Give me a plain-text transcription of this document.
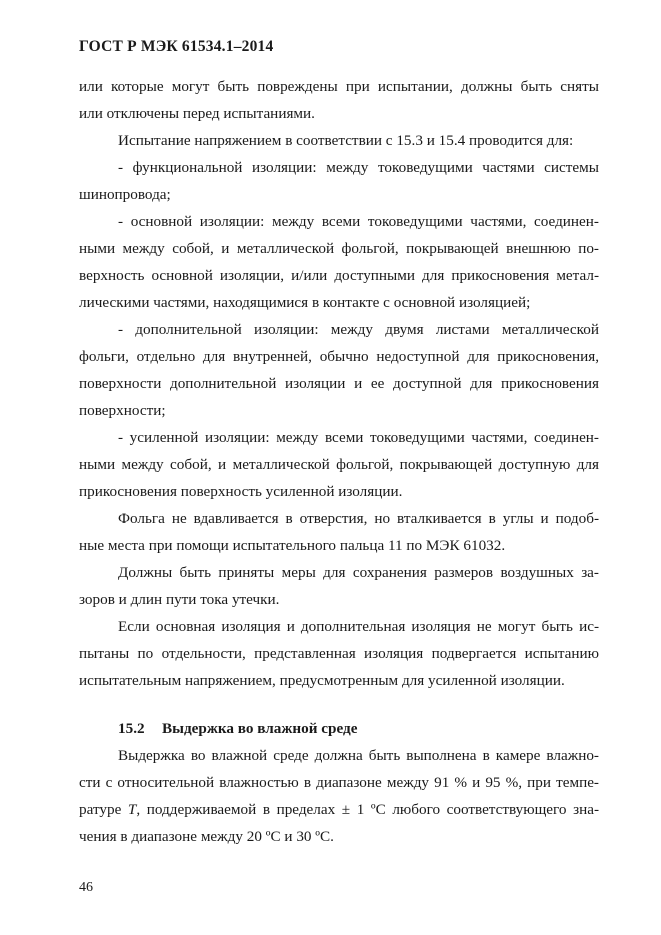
ГОСТ Р МЭК 61534.1–2014
или которые могут быть повреждены при испытании, должны быть сняты
или отключены перед испытаниями.
Испытание напряжением в соответствии с 15.3 и 15.4 проводится для:
- функциональной изоляции: между токоведущими частями системы
шинопровода;
- основной изоляции: между всеми токоведущими частями, соединен-
ными между собой, и металлической фольгой, покрывающей внешнюю по-
верхность основной изоляции, и/или доступными для прикосновения метал-
лическими частями, находящимися в контакте с основной изоляцией;
- дополнительной изоляции: между двумя листами металлической
фольги, отдельно для внутренней, обычно недоступной для прикосновения,
поверхности дополнительной изоляции и ее доступной для прикосновения
поверхности;
- усиленной изоляции: между всеми токоведущими частями, соединен-
ными между собой, и металлической фольгой, покрывающей доступную для
прикосновения поверхность усиленной изоляции.
Фольга не вдавливается в отверстия, но вталкивается в углы и подоб-
ные места при помощи испытательного пальца 11 по МЭК 61032.
Должны быть приняты меры для сохранения размеров воздушных за-
зоров и длин пути тока утечки.
Если основная изоляция и дополнительная изоляция не могут быть ис-
пытаны по отдельности, представленная изоляция подвергается испытанию
испытательным напряжением, предусмотренным для усиленной изоляции.
15.2 Выдержка во влажной среде
Выдержка во влажной среде должна быть выполнена в камере влажно-
сти с относительной влажностью в диапазоне между 91 % и 95 %, при темпе-
ратуре T, поддерживаемой в пределах ± 1 ºC любого соответствующего зна-
чения в диапазоне между 20 ºC и 30 ºC.
46
